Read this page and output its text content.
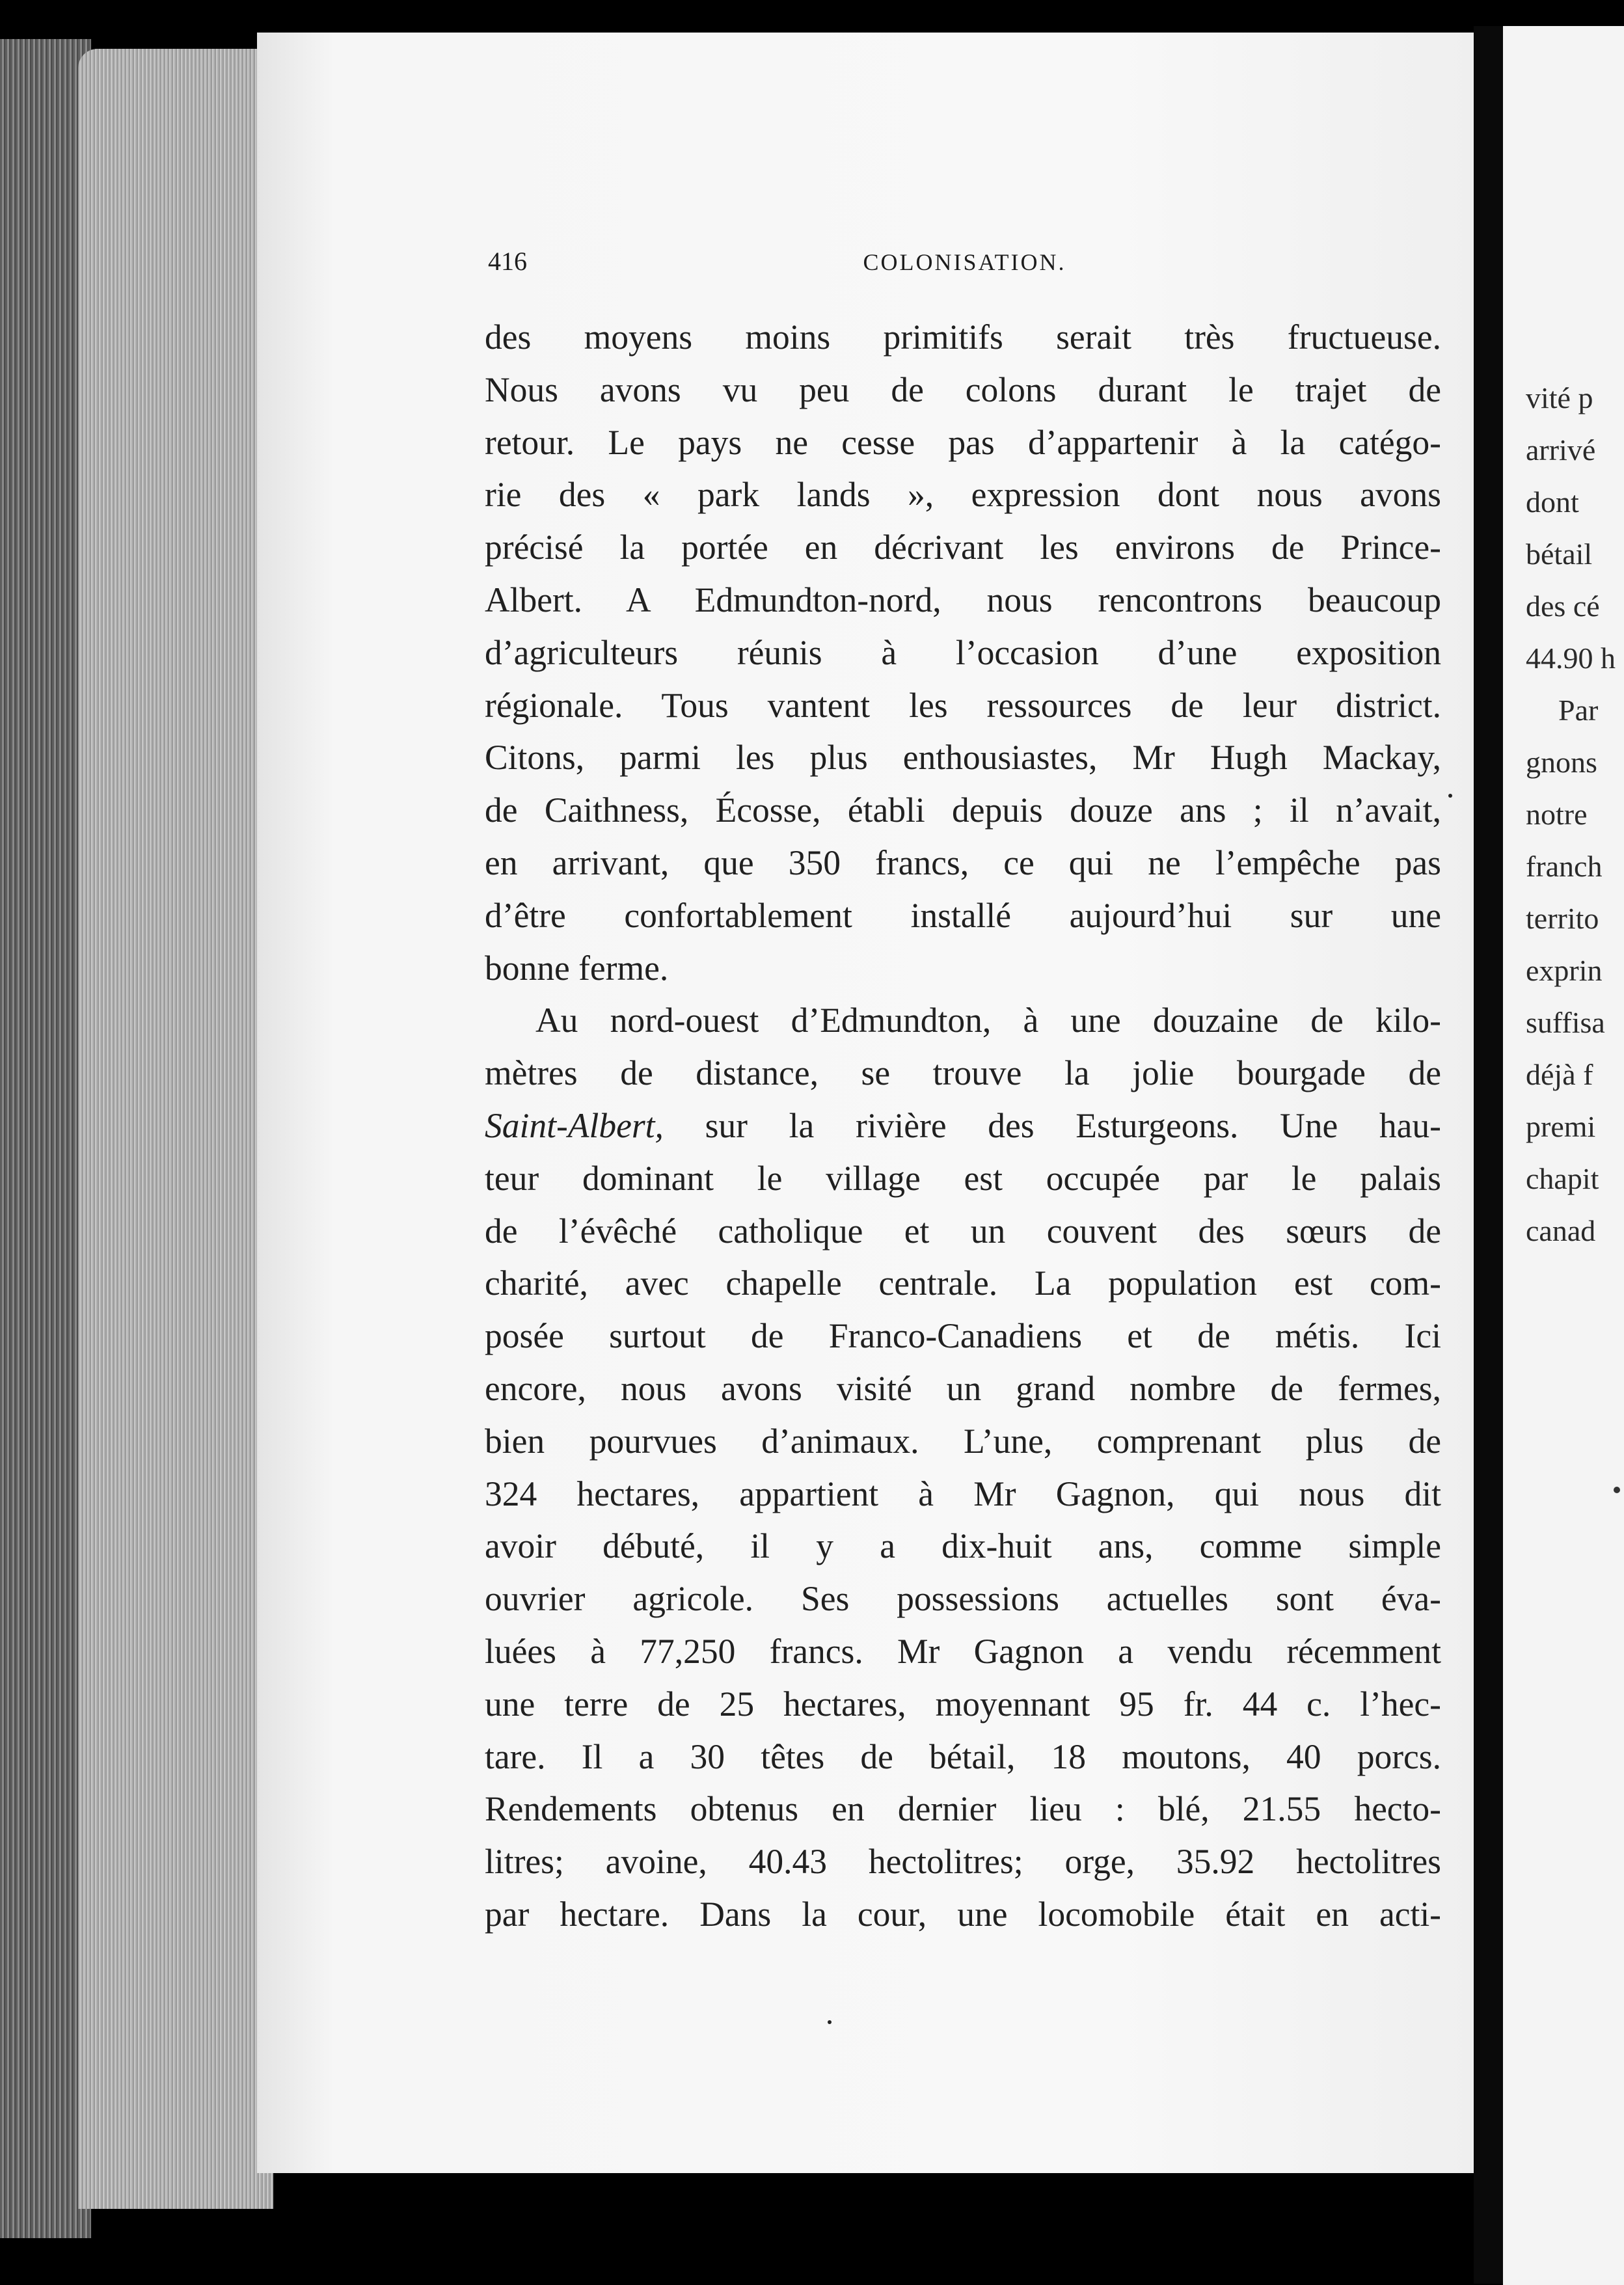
vité p
arrivé
dont
bétail
des cé
44.90 h
Par
gnons
notre
franch
territo
exprin
suffisa
déjà f
premi
chapit
canad
416	COLONISATION.

des moyens moins primitifs serait très fructueuse.

Nous avons vu peu de colons durant le trajet de

retour. Le pays ne cesse pas d’appartenir à la catégo-

rie des « park lands », expression dont nous avons

précisé la portée en décrivant les environs de Prince-

Albert. A Edmundton-nord, nous rencontrons beaucoup

d’agriculteurs réunis à l’occasion d’une exposition

régionale. Tous vantent les ressources de leur district.

Citons, parmi les plus enthousiastes, Mr Hugh Mackay,

de Caithness, Écosse, établi depuis douze ans ; il n’avait,

en arrivant, que 350 francs, ce qui ne l’empêche pas

d’être confortablement installé aujourd’hui sur une

bonne ferme.

Au nord-ouest d’Edmundton, à une douzaine de kilo-

mètres de distance, se trouve la jolie bourgade de

Saint-Albert, sur la rivière des Esturgeons. Une hau-

teur dominant le village est occupée par le palais

de l’évêché catholique et un couvent des sœurs de

charité, avec chapelle centrale. La population est com-

posée surtout de Franco-Canadiens et de métis. Ici

encore, nous avons visité un grand nombre de fermes,

bien pourvues d’animaux. L’une, comprenant plus de

324 hectares, appartient à Mr Gagnon, qui nous dit

avoir débuté, il y a dix-huit ans, comme simple

ouvrier agricole. Ses possessions actuelles sont éva-

luées à 77,250 francs. Mr Gagnon a vendu récemment

une terre de 25 hectares, moyennant 95 fr. 44 c. l’hec-

tare. Il a 30 têtes de bétail, 18 moutons, 40 porcs.

Rendements obtenus en dernier lieu : blé, 21.55 hecto-

litres; avoine, 40.43 hectolitres; orge, 35.92 hectolitres

par hectare. Dans la cour, une locomobile était en acti-
